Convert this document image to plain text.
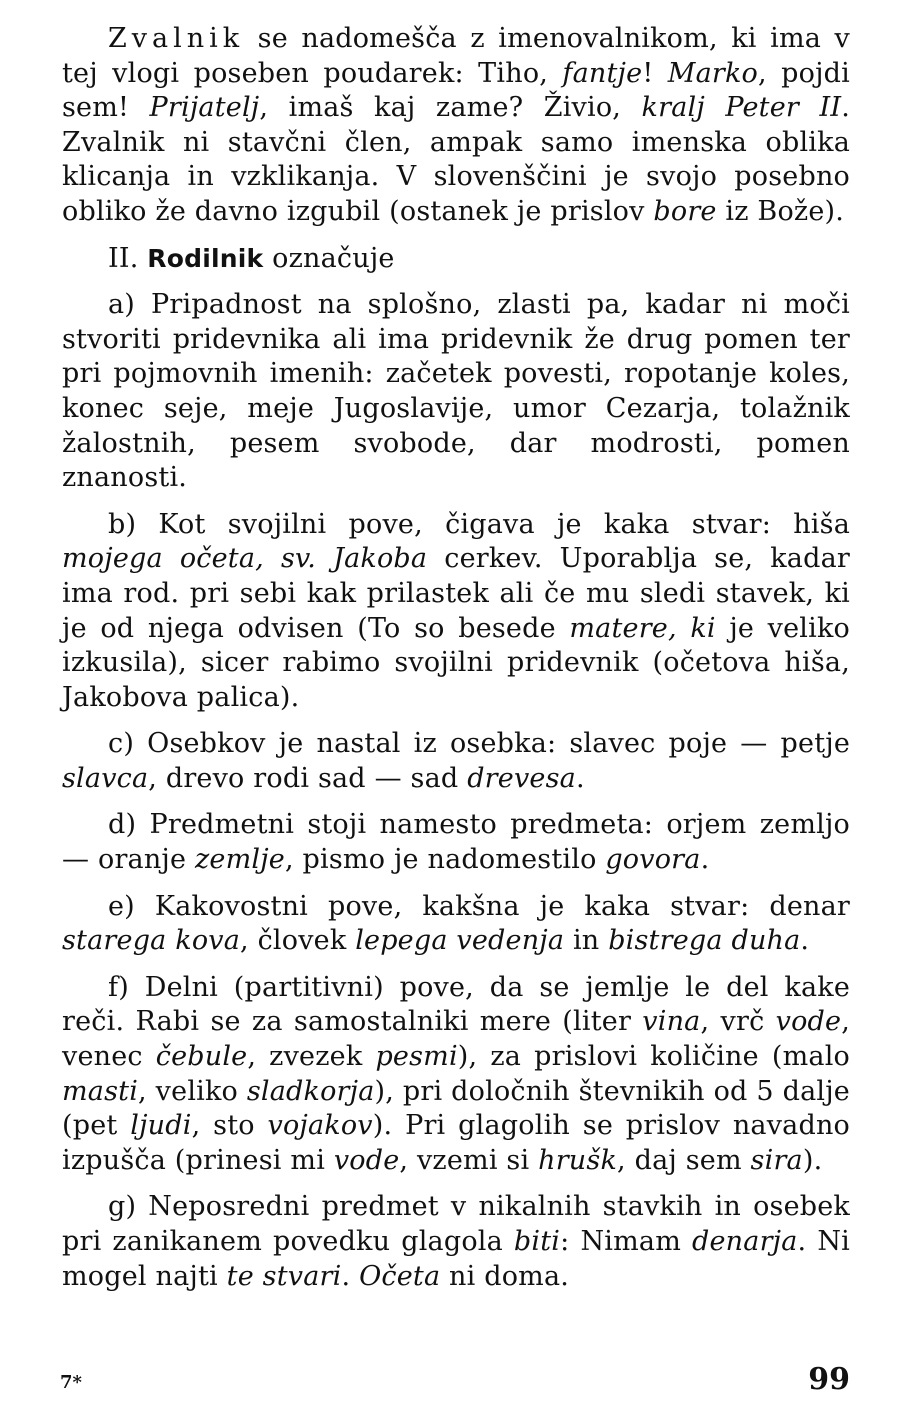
Zvalnik se nadomešča z imenovalnikom, ki ima v tej vlogi poseben poudarek: Tiho, fantje! Marko, pojdi sem! Prijatelj, imaš kaj zame? Živio, kralj Peter II. Zvalnik ni stavčni člen, ampak samo imenska oblika klicanja in vzklikanja. V slovenščini je svojo posebno obliko že davno izgubil (ostanek je prislov bore iz Bože).

II. Rodilnik označuje

a) Pripadnost na splošno, zlasti pa, kadar ni moči stvoriti pridevnika ali ima pridevnik že drug pomen ter pri pojmovnih imenih: začetek povesti, ropotanje koles, konec seje, meje Jugoslavije, umor Cezarja, tolažnik žalostnih, pesem svobode, dar modrosti, pomen znanosti.

b) Kot svojilni pove, čigava je kaka stvar: hiša mojega očeta, sv. Jakoba cerkev. Uporablja se, kadar ima rod. pri sebi kak prilastek ali če mu sledi stavek, ki je od njega odvisen (To so besede matere, ki je veliko izkusila), sicer rabimo svojilni pridevnik (očetova hiša, Jakobova palica).

c) Osebkov je nastal iz osebka: slavec poje — petje slavca, drevo rodi sad — sad drevesa.

d) Predmetni stoji namesto predmeta: orjem zemljo — oranje zemlje, pismo je nadomestilo govora.

e) Kakovostni pove, kakšna je kaka stvar: denar starega kova, človek lepega vedenja in bistrega duha.

f) Delni (partitivni) pove, da se jemlje le del kake reči. Rabi se za samostalniki mere (liter vina, vrč vode, venec čebule, zvezek pesmi), za prislovi količine (malo masti, veliko sladkorja), pri določnih števnikih od 5 dalje (pet ljudi, sto vojakov). Pri glagolih se prislov navadno izpušča (prinesi mi vode, vzemi si hrušk, daj sem sira).

g) Neposredni predmet v nikalnih stavkih in osebek pri zanikanem povedku glagola biti: Nimam denarja. Ni mogel najti te stvari. Očeta ni doma.

7*	99
